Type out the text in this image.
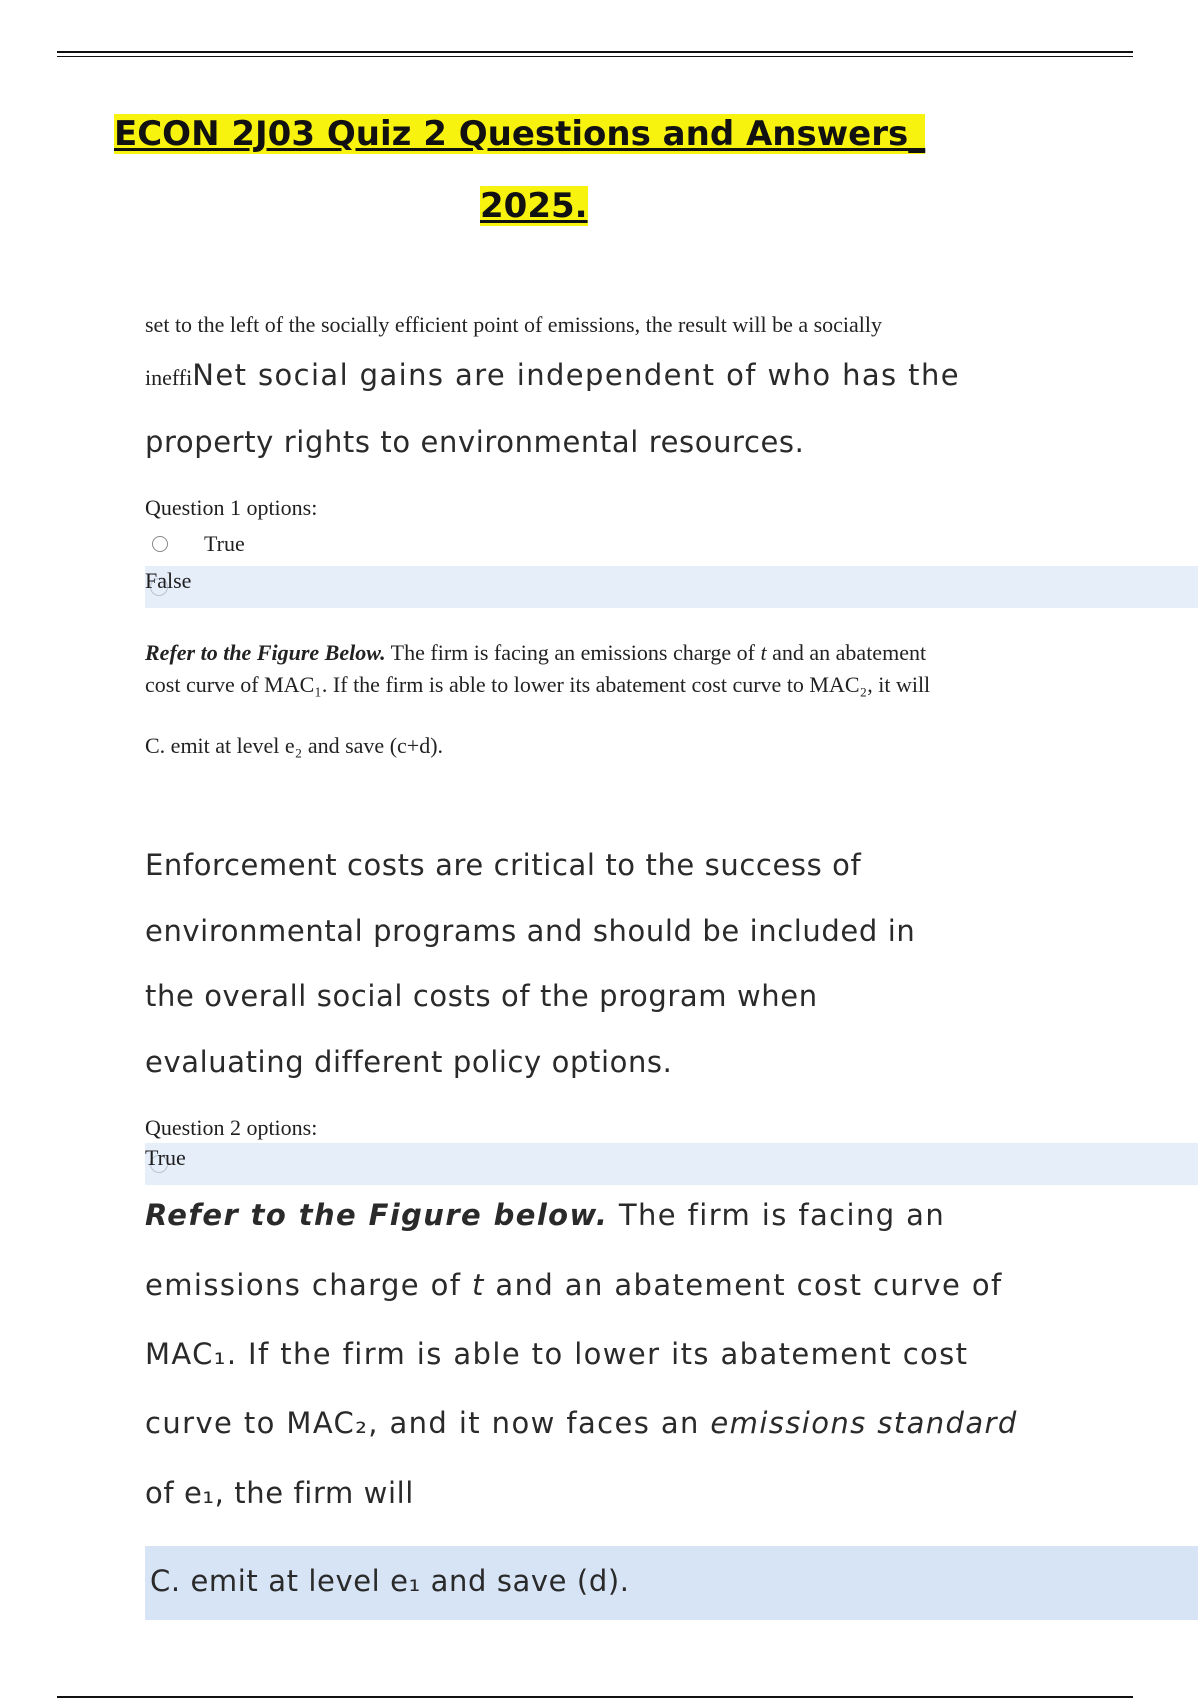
ECON 2J03 Quiz 2 Questions and Answers_
2025.
set to the left of the socially efficient point of emissions, the result will be a socially
ineffiNet social gains are independent of who has the
property rights to environmental resources.
Question 1 options:
True
False
Refer to the Figure Below. The firm is facing an emissions charge of t and an abatement
cost curve of MAC₁. If the firm is able to lower its abatement cost curve to MAC₂, it will
C. emit at level e₂ and save (c+d).
Enforcement costs are critical to the success of
environmental programs and should be included in
the overall social costs of the program when
evaluating different policy options.
Question 2 options:
True
Refer to the Figure below. The firm is facing an
emissions charge of t and an abatement cost curve of
MAC₁. If the firm is able to lower its abatement cost
curve to MAC₂, and it now faces an emissions standard
of e₁, the firm will
C. emit at level e₁ and save (d).
